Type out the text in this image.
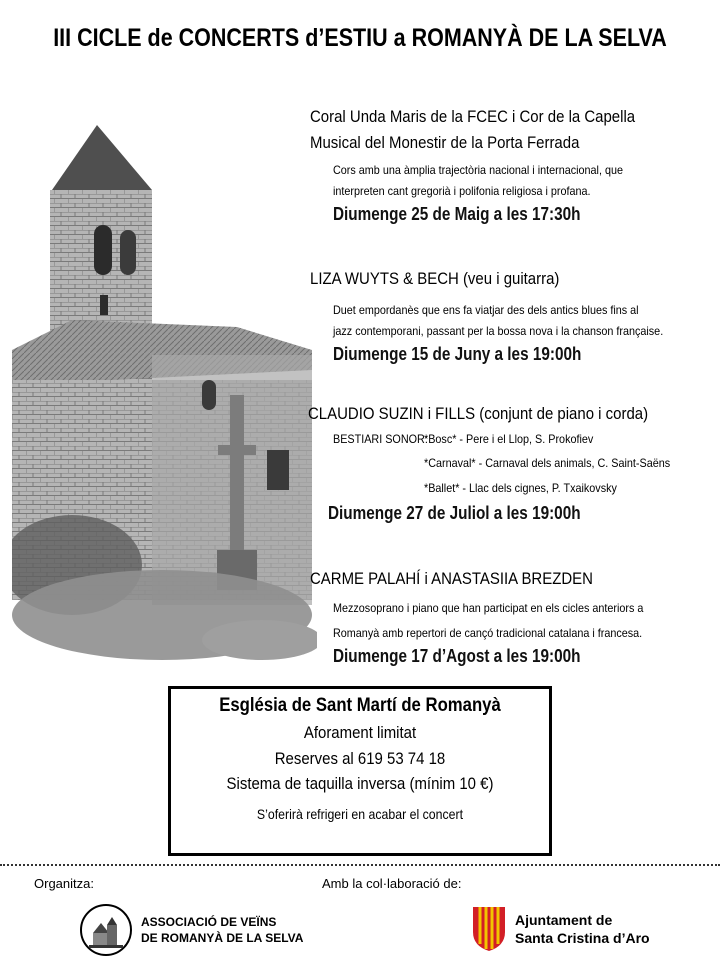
III CICLE de CONCERTS d’ESTIU a ROMANYÀ DE LA SELVA
Coral Unda Maris de la FCEC i Cor de la Capella
Musical del Monestir de la Porta Ferrada
Cors amb una àmplia trajectòria nacional i internacional, que
interpreten cant gregorià i polifonia religiosa i profana.
Diumenge 25 de Maig a les 17:30h
LIZA WUYTS & BECH (veu i guitarra)
Duet empordanès que ens fa viatjar des dels antics blues fins al
jazz contemporani, passant per la bossa nova i la chanson française.
Diumenge 15 de Juny a les 19:00h
CLAUDIO SUZIN i FILLS (conjunt de piano i corda)
BESTIARI SONOR:
*Bosc* - Pere i el Llop, S. Prokofiev
*Carnaval* - Carnaval dels animals, C. Saint-Saëns
*Ballet* - Llac dels cignes, P. Txaikovsky
Diumenge 27 de Juliol a les 19:00h
CARME PALAHÍ i ANASTASIIA BREZDEN
Mezzosoprano i piano que han participat en els cicles anteriors a
Romanyà amb repertori de cançó tradicional catalana i francesa.
Diumenge 17 d’Agost a les 19:00h
Església de Sant Martí de Romanyà
Aforament limitat
Reserves al 619 53 74 18
Sistema de taquilla inversa (mínim 10 €)
S’oferirà refrigeri en acabar el concert
Organitza:	Amb la col·laboració de:
ASSOCIACIÓ DE VEÏNS
DE ROMANYÀ DE LA SELVA
Ajuntament de
Santa Cristina d’Aro
